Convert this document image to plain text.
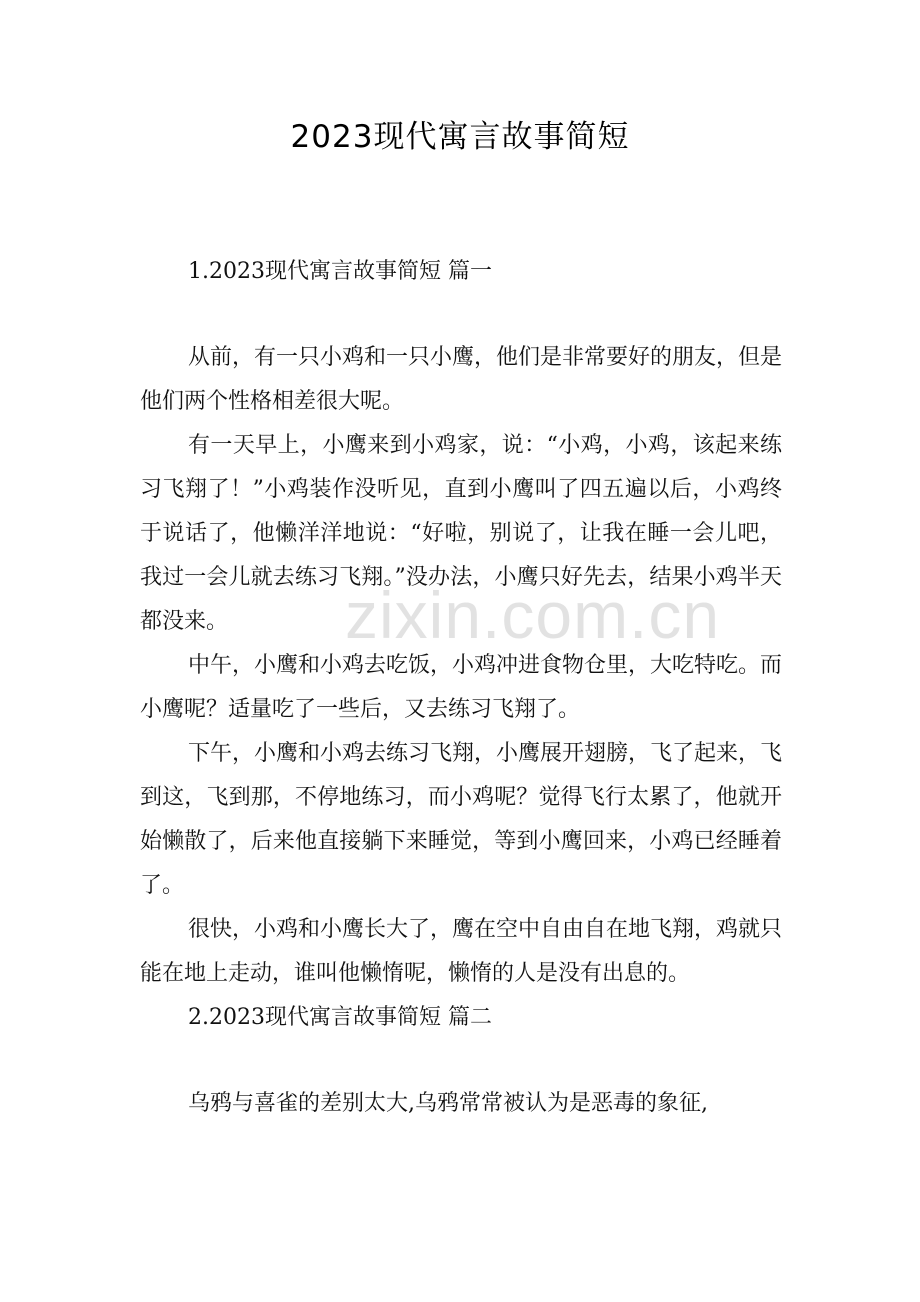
2023现代寓言故事简短

1.2023现代寓言故事简短 篇一

从前，有一只小鸡和一只小鹰，他们是非常要好的朋友，但是他们两个性格相差很大呢。

有一天早上，小鹰来到小鸡家，说：“小鸡，小鸡，该起来练习飞翔了！”小鸡装作没听见，直到小鹰叫了四五遍以后，小鸡终于说话了，他懒洋洋地说：“好啦，别说了，让我在睡一会儿吧，我过一会儿就去练习飞翔。”没办法，小鹰只好先去，结果小鸡半天都没来。

中午，小鹰和小鸡去吃饭，小鸡冲进食物仓里，大吃特吃。而小鹰呢？适量吃了一些后，又去练习飞翔了。

下午，小鹰和小鸡去练习飞翔，小鹰展开翅膀，飞了起来，飞到这，飞到那，不停地练习，而小鸡呢？觉得飞行太累了，他就开始懒散了，后来他直接躺下来睡觉，等到小鹰回来，小鸡已经睡着了。

很快，小鸡和小鹰长大了，鹰在空中自由自在地飞翔，鸡就只能在地上走动，谁叫他懒惰呢，懒惰的人是没有出息的。

2.2023现代寓言故事简短 篇二

乌鸦与喜雀的差别太大,乌鸦常常被认为是恶毒的象征,

zixin.com.cn
